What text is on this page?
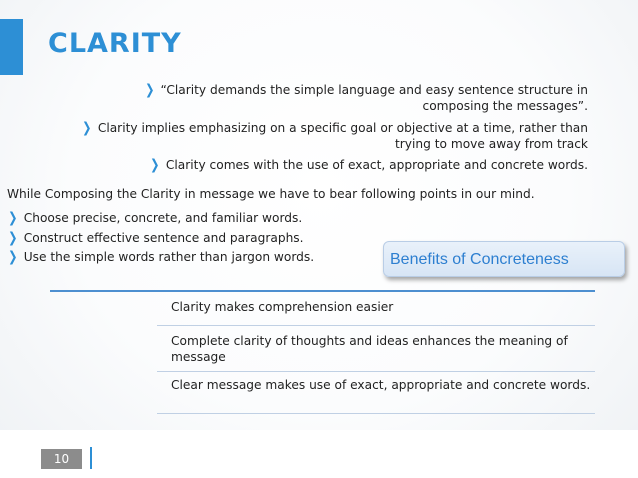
CLARITY
❯ “Clarity demands the simple language and easy sentence structure in composing the messages”.
❯ Clarity implies emphasizing on a specific goal or objective at a time, rather than trying to move away from track
❯ Clarity comes with the use of exact, appropriate and concrete words.
While Composing the Clarity in message we have to bear following points in our mind.
❯ Choose precise, concrete, and familiar words.
❯ Construct effective sentence and paragraphs.
❯ Use the simple words rather than jargon words.	Benefits of Concreteness
Clarity makes comprehension easier
Complete clarity of thoughts and ideas enhances the meaning of message
Clear message makes use of exact, appropriate and concrete words.
10
